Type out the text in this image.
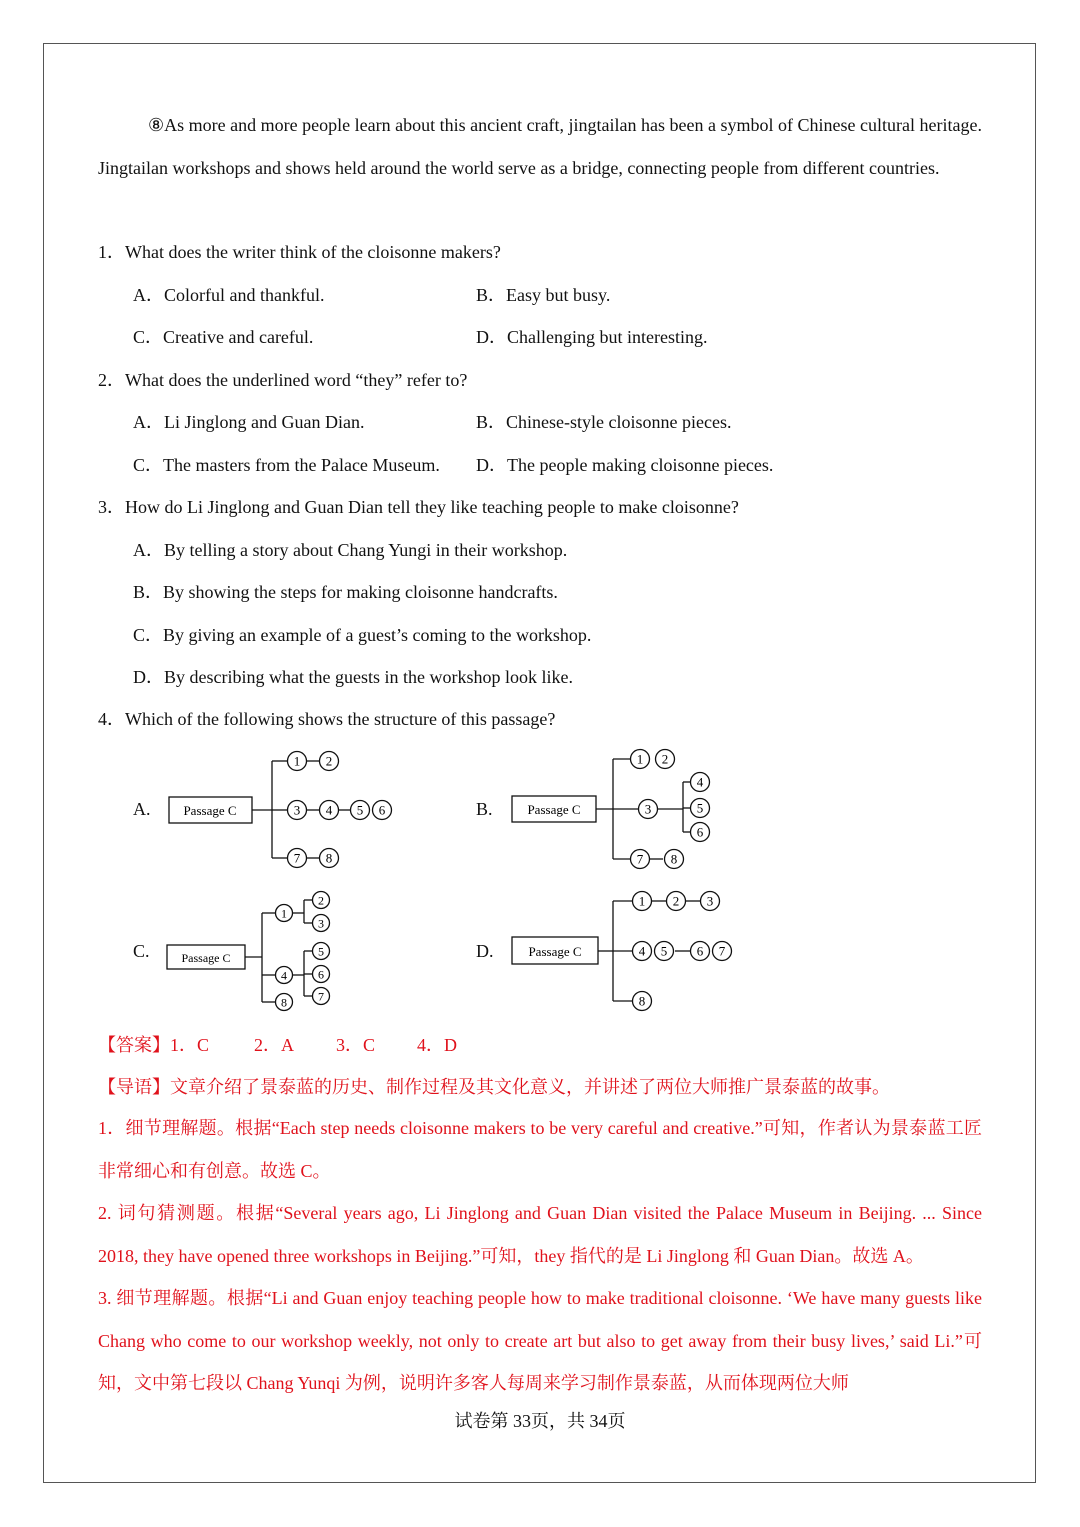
⑧As more and more people learn about this ancient craft, jingtailan has been a symbol of Chinese cultural heritage. Jingtailan workshops and shows held around the world serve as a bridge, connecting people from different countries.
1．What does the writer think of the cloisonne makers?
A．Colorful and thankful.	B．Easy but busy.
C．Creative and careful.	D．Challenging but interesting.
2．What does the underlined word “they” refer to?
A．Li Jinglong and Guan Dian.	B．Chinese-style cloisonne pieces.
C．The masters from the Palace Museum. D．The people making cloisonne pieces.
3．How do Li Jinglong and Guan Dian tell they like teaching people to make cloisonne?
A．By telling a story about Chang Yungi in their workshop.
B．By showing the steps for making cloisonne handcrafts.
C．By giving an example of a guest’s coming to the workshop.
D．By describing what the guests in the workshop look like.
4．Which of the following shows the structure of this passage?
A.	B.
C.	D.
Passage C
1 2
3 4 5 6
7 8
Passage C
1 2
3
4
5
6
7 8
Passage C
1
2
3
4
5
6
7
8
Passage C
1 2 3
4 5 6 7
8
【答案】1．C	2．A 3．C 4．D
【导语】文章介绍了景泰蓝的历史、制作过程及其文化意义，并讲述了两位大师推广景泰蓝的故事。
1．细节理解题。根据“Each step needs cloisonne makers to be very careful and creative.”可知，作者认为景泰蓝工匠非常细心和有创意。故选 C。
2. 词句猜测题。根据“Several years ago, Li Jinglong and Guan Dian visited the Palace Museum in Beijing. ... Since 2018, they have opened three workshops in Beijing.”可知，they 指代的是 Li Jinglong 和 Guan Dian。故选 A。
3. 细节理解题。根据“Li and Guan enjoy teaching people how to make traditional cloisonne. ‘We have many guests like Chang who come to our workshop weekly, not only to create art but also to get away from their busy lives,’ said Li.”可知，文中第七段以 Chang Yunqi 为例，说明许多客人每周来学习制作景泰蓝，从而体现两位大师
试卷第 33页，共 34页
